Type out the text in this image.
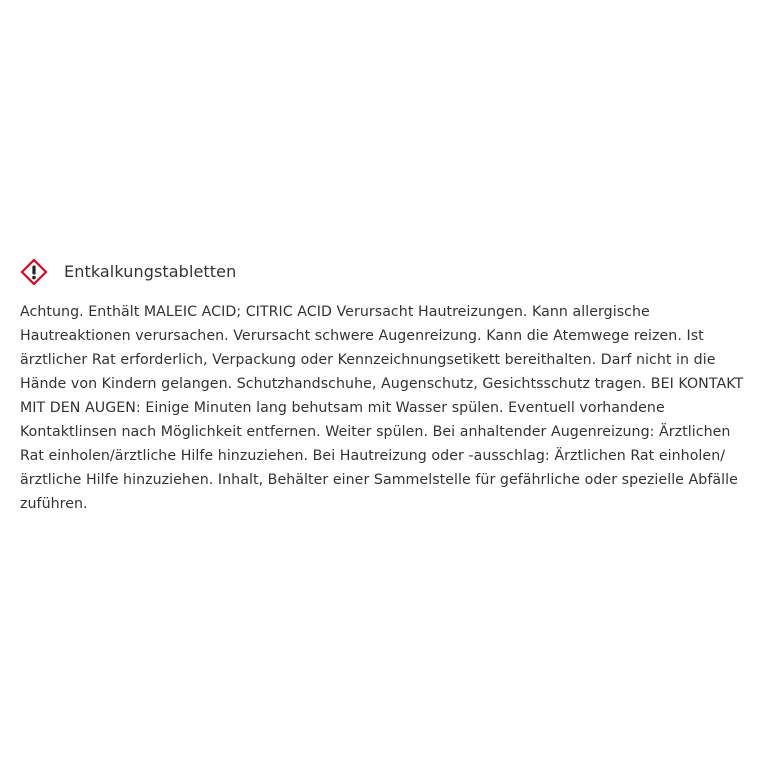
Entkalkungstabletten
Achtung. Enthält MALEIC ACID; CITRIC ACID Verursacht Hautreizungen. Kann allergische Hautreaktionen verursachen. Verursacht schwere Augenreizung. Kann die Atemwege reizen. Ist ärztlicher Rat erforderlich, Verpackung oder Kennzeichnungsetikett bereithalten. Darf nicht in die Hände von Kindern gelangen. Schutzhandschuhe, Augenschutz, Gesichtsschutz tragen. BEI KONTAKT MIT DEN AUGEN: Einige Minuten lang behutsam mit Wasser spülen. Eventuell vorhandene Kontaktlinsen nach Möglichkeit entfernen. Weiter spülen. Bei anhaltender Augenreizung: Ärztlichen Rat einholen/ärztliche Hilfe hinzuziehen. Bei Hautreizung oder -ausschlag: Ärztlichen Rat einholen/ärztliche Hilfe hinzuziehen. Inhalt, Behälter einer Sammelstelle für gefährliche oder spezielle Abfälle zuführen.
